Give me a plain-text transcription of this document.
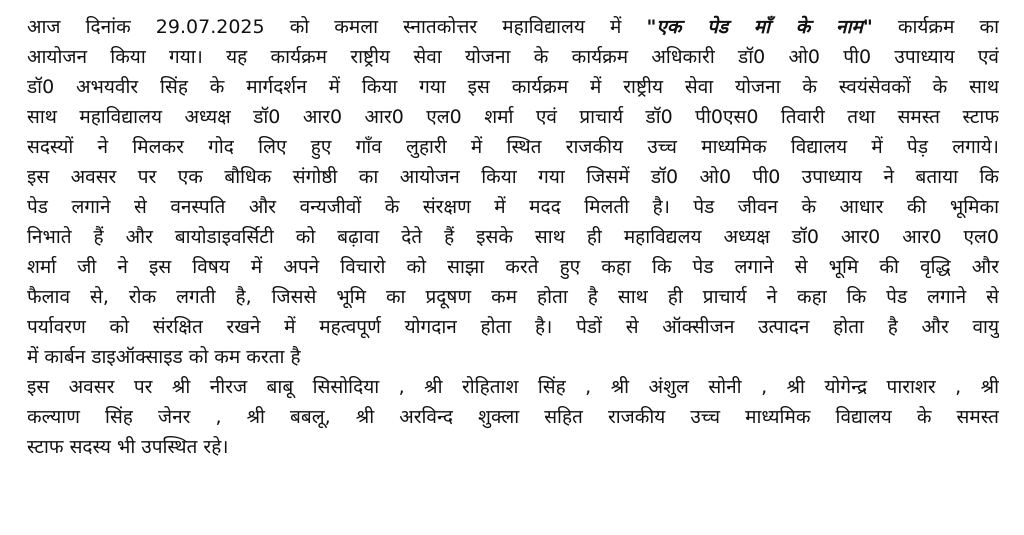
आज दिनांक 29.07.2025 को कमला स्नातकोत्तर महाविद्यालय में "एक पेड माँ के नाम" कार्यक्रम का
आयोजन किया गया। यह कार्यक्रम राष्ट्रीय सेवा योजना के कार्यक्रम अधिकारी डॉ0 ओ0 पी0 उपाध्याय एवं
डॉ0 अभयवीर सिंह के मार्गदर्शन में किया गया इस कार्यक्रम में राष्ट्रीय सेवा योजना के स्वयंसेवकों के साथ
साथ महाविद्यालय अध्यक्ष डॉ0 आर0 आर0 एल0 शर्मा एवं प्राचार्य डॉ0 पी0एस0 तिवारी तथा समस्त स्टाफ
सदस्यों ने मिलकर गोद लिए हुए गाँव लुहारी में स्थित राजकीय उच्च माध्यमिक विद्यालय में पेड़ लगाये।
इस अवसर पर एक बौधिक संगोष्ठी का आयोजन किया गया जिसमें डॉ0 ओ0 पी0 उपाध्याय ने बताया कि
पेड लगाने से वनस्पति और वन्यजीवों के संरक्षण में मदद मिलती है। पेड जीवन के आधार की भूमिका
निभाते हैं और बायोडाइवर्सिटी को बढ़ावा देते हैं इसके साथ ही महाविद्यलय अध्यक्ष डॉ0 आर0 आर0 एल0
शर्मा जी ने इस विषय में अपने विचारो को साझा करते हुए कहा कि पेड लगाने से भूमि की वृद्धि और
फैलाव से, रोक लगती है, जिससे भूमि का प्रदूषण कम होता है साथ ही प्राचार्य ने कहा कि पेड लगाने से
पर्यावरण को संरक्षित रखने में महत्वपूर्ण योगदान होता है। पेडों से ऑक्सीजन उत्पादन होता है और वायु
में कार्बन डाइऑक्साइड को कम करता है
इस अवसर पर श्री नीरज बाबू सिसोदिया , श्री रोहिताश सिंह , श्री अंशुल सोनी , श्री योगेन्द्र पाराशर , श्री
कल्याण सिंह जेनर , श्री बबलू, श्री अरविन्द शुक्ला सहित राजकीय उच्च माध्यमिक विद्यालय के समस्त
स्टाफ सदस्य भी उपस्थित रहे।
